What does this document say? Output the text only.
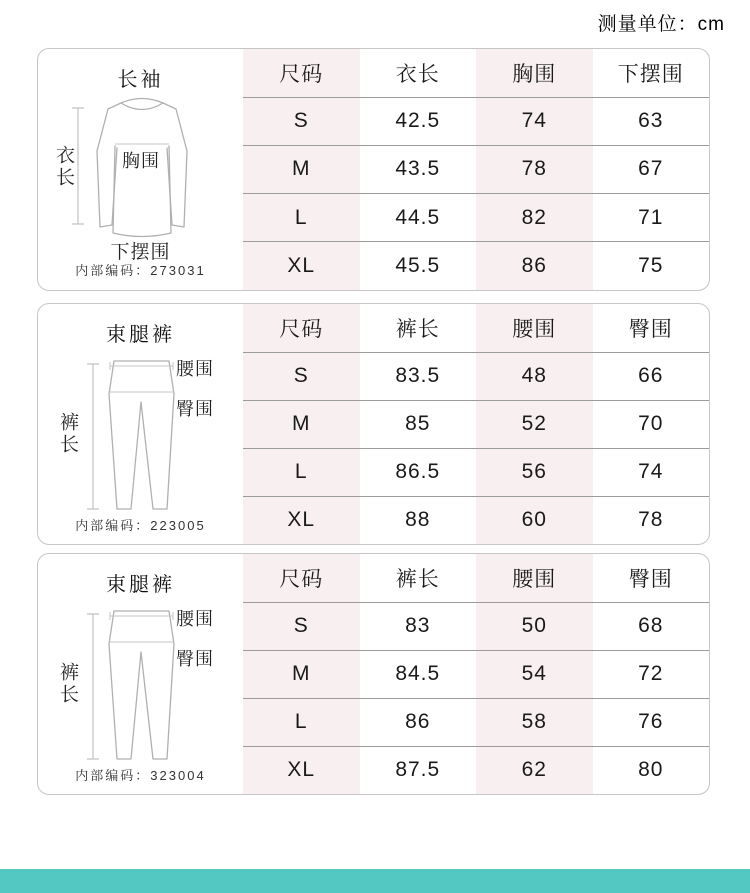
测量单位：cm
长袖
衣长	胸围
下摆围
内部编码：273031
尺码	衣长	胸围	下摆围
S	42.5	74	63
M	43.5	78	67
L	44.5	82	71
XL	45.5	86	75
束腿裤
裤长
腰围
臀围
内部编码：223005
尺码	裤长	腰围	臀围
S	83.5	48	66
M	85	52	70
L	86.5	56	74
XL	88	60	78
束腿裤
裤长
腰围
臀围
内部编码：323004
尺码	裤长	腰围	臀围
S	83	50	68
M	84.5	54	72
L	86	58	76
XL	87.5	62	80
